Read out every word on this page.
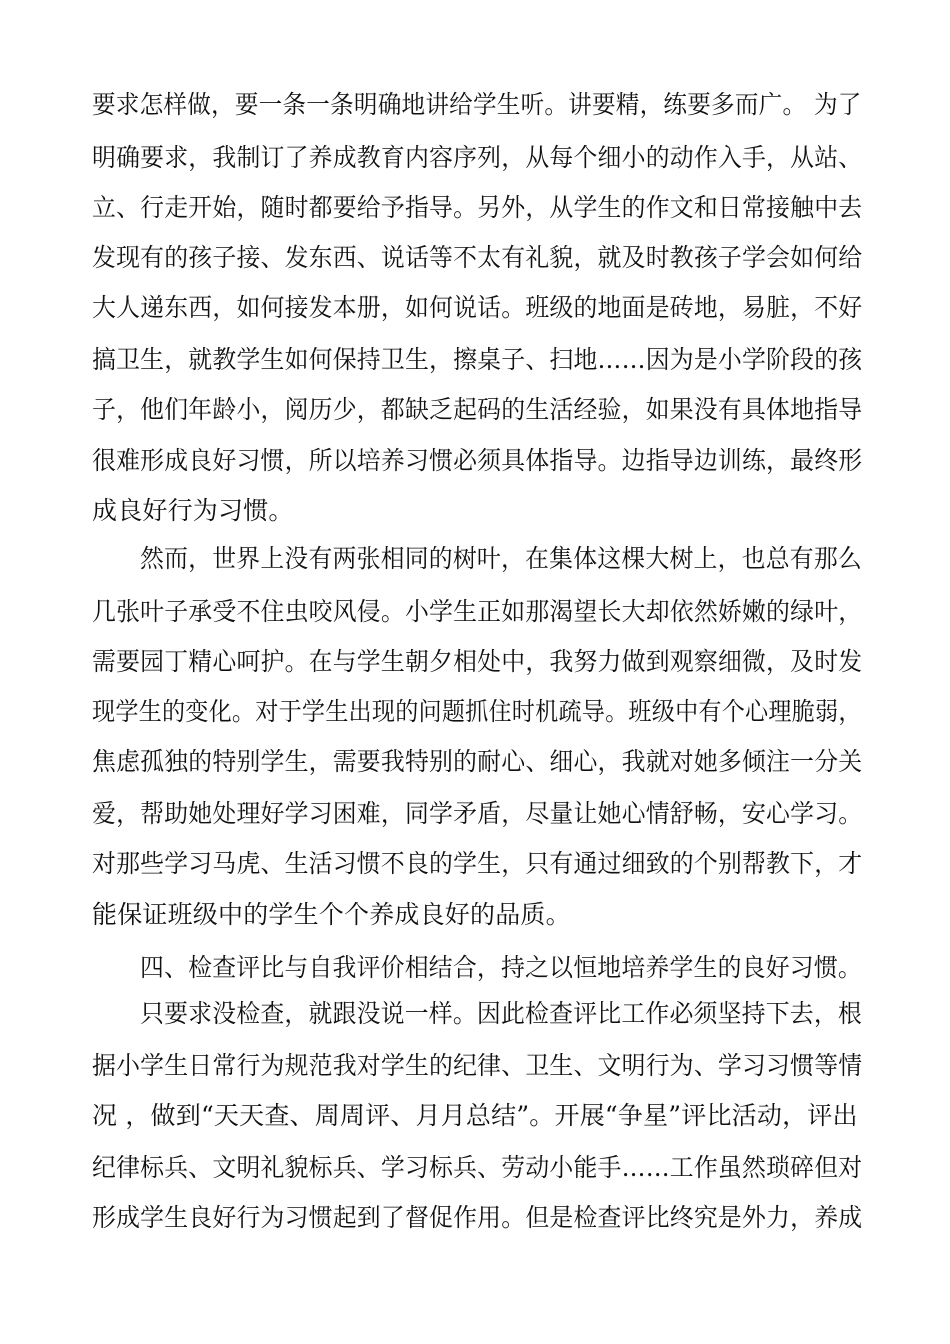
要求怎样做，要一条一条明确地讲给学生听。讲要精，练要多而广。 为了
明确要求，我制订了养成教育内容序列，从每个细小的动作入手，从站、
立、行走开始，随时都要给予指导。另外，从学生的作文和日常接触中去
发现有的孩子接、发东西、说话等不太有礼貌，就及时教孩子学会如何给
大人递东西，如何接发本册，如何说话。班级的地面是砖地，易脏，不好
搞卫生，就教学生如何保持卫生，擦桌子、扫地……因为是小学阶段的孩
子，他们年龄小，阅历少，都缺乏起码的生活经验，如果没有具体地指导
很难形成良好习惯，所以培养习惯必须具体指导。边指导边训练，最终形
成良好行为习惯。
然而，世界上没有两张相同的树叶，在集体这棵大树上，也总有那么
几张叶子承受不住虫咬风侵。小学生正如那渴望长大却依然娇嫩的绿叶，
需要园丁精心呵护。在与学生朝夕相处中，我努力做到观察细微，及时发
现学生的变化。对于学生出现的问题抓住时机疏导。班级中有个心理脆弱，
焦虑孤独的特别学生，需要我特别的耐心、细心，我就对她多倾注一分关
爱，帮助她处理好学习困难，同学矛盾，尽量让她心情舒畅，安心学习。
对那些学习马虎、生活习惯不良的学生，只有通过细致的个别帮教下，才
能保证班级中的学生个个养成良好的品质。
四、检查评比与自我评价相结合，持之以恒地培养学生的良好习惯。
只要求没检查，就跟没说一样。因此检查评比工作必须坚持下去，根
据小学生日常行为规范我对学生的纪律、卫生、文明行为、学习习惯等情
况 ，做到“天天查、周周评、月月总结”。开展“争星”评比活动，评出
纪律标兵、文明礼貌标兵、学习标兵、劳动小能手……工作虽然琐碎但对
形成学生良好行为习惯起到了督促作用。但是检查评比终究是外力，养成
